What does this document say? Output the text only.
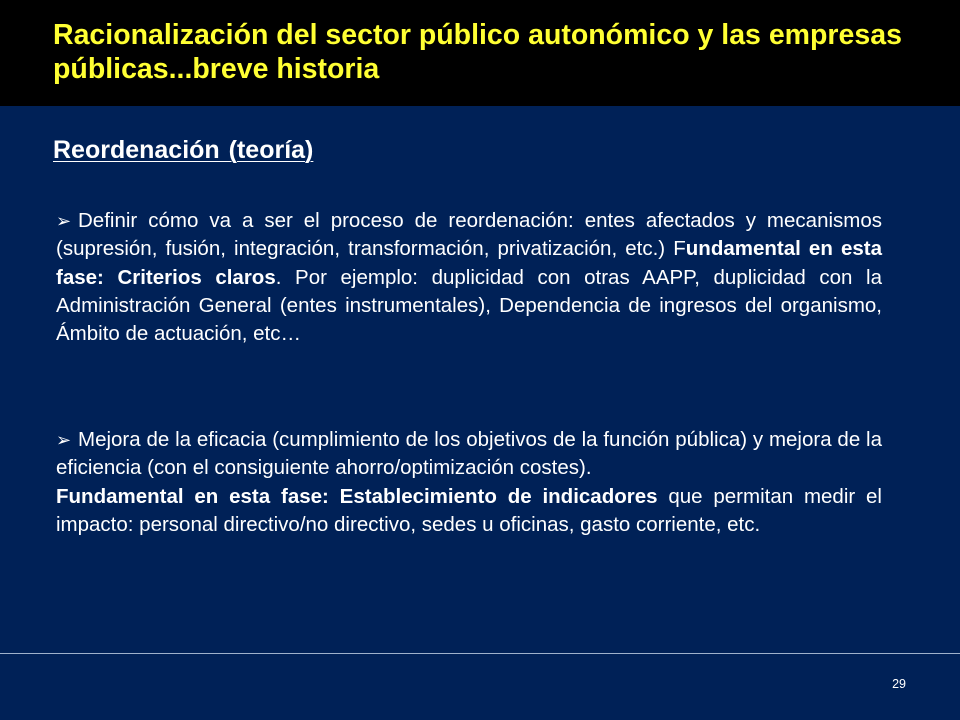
Racionalización del sector público autonómico y las empresas públicas...breve historia
Reordenación (teoría)

➢ Definir cómo va a ser el proceso de reordenación: entes afectados y mecanismos (supresión, fusión, integración, transformación, privatización, etc.) Fundamental en esta fase: Criterios claros. Por ejemplo: duplicidad con otras AAPP, duplicidad con la Administración General (entes instrumentales), Dependencia de ingresos del organismo, Ámbito de actuación, etc…

➢ Mejora de la eficacia (cumplimiento de los objetivos de la función pública) y mejora de la eficiencia (con el consiguiente ahorro/optimización costes).
Fundamental en esta fase: Establecimiento de indicadores que permitan medir el impacto: personal directivo/no directivo, sedes u oficinas, gasto corriente, etc.
29
